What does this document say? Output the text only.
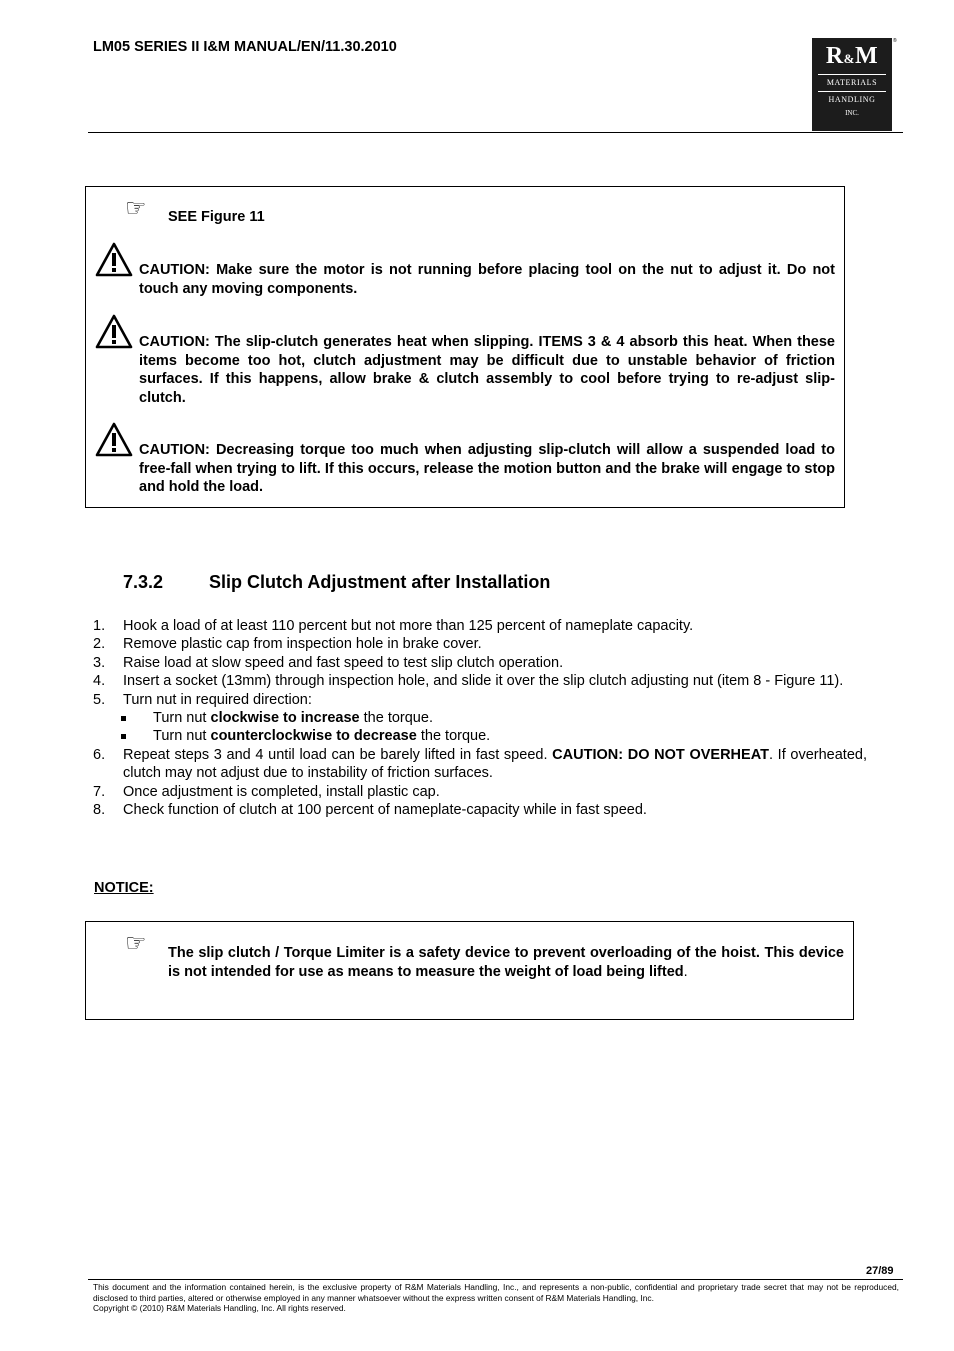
LM05 SERIES II I&M MANUAL/EN/11.30.2010	R&M
MATERIALS
HANDLING
INC.
®
☞ SEE Figure 11
CAUTION: Make sure the motor is not running before placing tool on the nut to adjust it. Do not touch any moving components.
CAUTION: The slip-clutch generates heat when slipping. ITEMS 3 & 4 absorb this heat. When these items become too hot, clutch adjustment may be difficult due to unstable behavior of friction surfaces. If this happens, allow brake & clutch assembly to cool before trying to re-adjust slip-clutch.
CAUTION: Decreasing torque too much when adjusting slip-clutch will allow a suspended load to free-fall when trying to lift. If this occurs, release the motion button and the brake will engage to stop and hold the load.
7.3.2	Slip Clutch Adjustment after Installation
1. Hook a load of at least 110 percent but not more than 125 percent of nameplate capacity.
2. Remove plastic cap from inspection hole in brake cover.
3. Raise load at slow speed and fast speed to test slip clutch operation.
4. Insert a socket (13mm) through inspection hole, and slide it over the slip clutch adjusting nut (item 8 - Figure 11).
5. Turn nut in required direction:
Turn nut clockwise to increase the torque.
Turn nut counterclockwise to decrease the torque.
6. Repeat steps 3 and 4 until load can be barely lifted in fast speed. CAUTION: DO NOT OVERHEAT. If overheated, clutch may not adjust due to instability of friction surfaces.
7. Once adjustment is completed, install plastic cap.
8. Check function of clutch at 100 percent of nameplate-capacity while in fast speed.
NOTICE:
☞ The slip clutch / Torque Limiter is a safety device to prevent overloading of the hoist. This device is not intended for use as means to measure the weight of load being lifted.
27/89
This document and the information contained herein, is the exclusive property of R&M Materials Handling, Inc., and represents a non-public, confidential and proprietary trade secret that may not be reproduced, disclosed to third parties, altered or otherwise employed in any manner whatsoever without the express written consent of R&M Materials Handling, Inc.
Copyright © (2010) R&M Materials Handling, Inc. All rights reserved.
